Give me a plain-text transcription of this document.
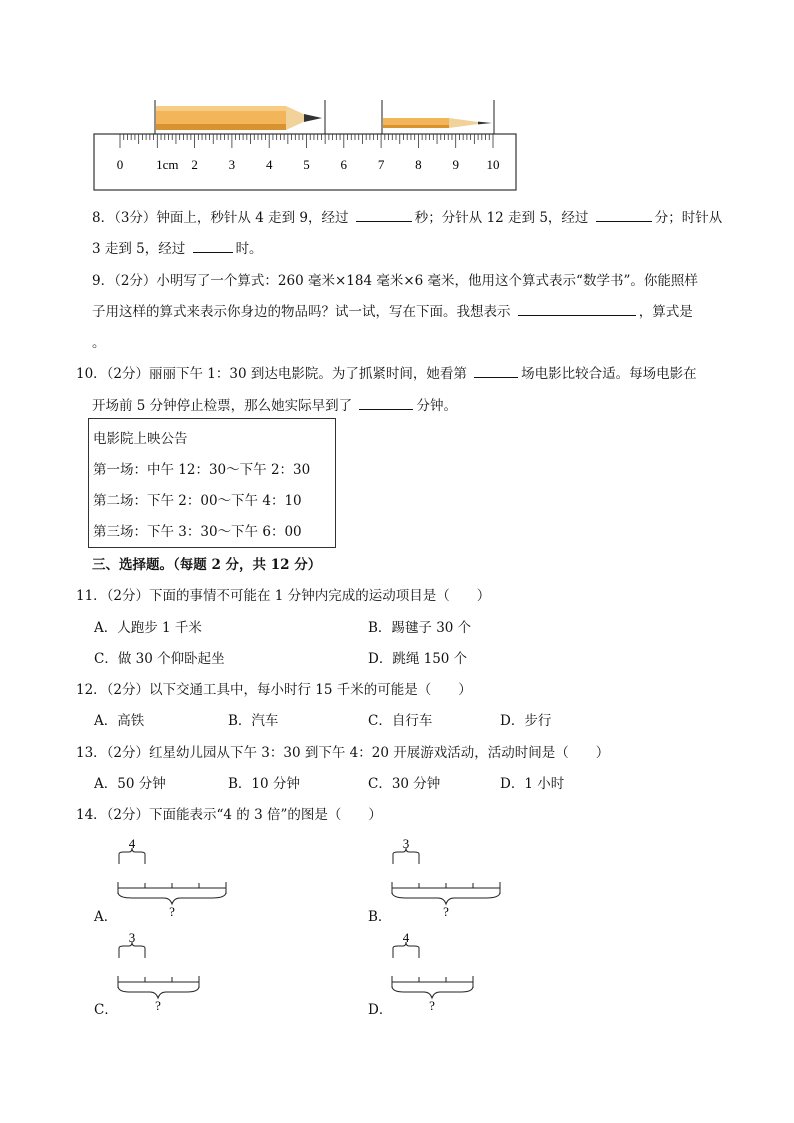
0	1cm 2 3 4 5 6 7 8 9 10
8．（3分）钟面上，秒针从 4 走到 9，经过	秒；分针从 12 走到 5，经过	分；时针从
3 走到 5，经过	时。
9．（2分）小明写了一个算式：260 毫米×184 毫米×6 毫米，他用这个算式表示“数学书”。你能照样
子用这样的算式来表示你身边的物品吗？试一试，写在下面。我想表示	，算式是
。
10．（2分）丽丽下午 1：30 到达电影院。为了抓紧时间，她看第	场电影比较合适。每场电影在
开场前 5 分钟停止检票，那么她实际早到了	分钟。
电影院上映公告
第一场：中午 12：30～下午 2：30
第二场：下午 2：00～下午 4：10
第三场：下午 3：30～下午 6：00
三、选择题。（每题 2 分，共 12 分）
11．（2分）下面的事情不可能在 1 分钟内完成的运动项目是（　　）
A．人跑步 1 千米	B．踢毽子 30 个
C．做 30 个仰卧起坐	D．跳绳 150 个
12．（2分）以下交通工具中，每小时行 15 千米的可能是（　　）
A．高铁	B．汽车	C．自行车	D．步行
13．（2分）红星幼儿园从下午 3：30 到下午 4：20 开展游戏活动，活动时间是（　　）
A．50 分钟	B．10 分钟	C．30 分钟	D．1 小时
14．（2分）下面能表示“4 的 3 倍”的图是（　　）
A．	B．
C．	D．
4
?
3
?
3
?
4
?
